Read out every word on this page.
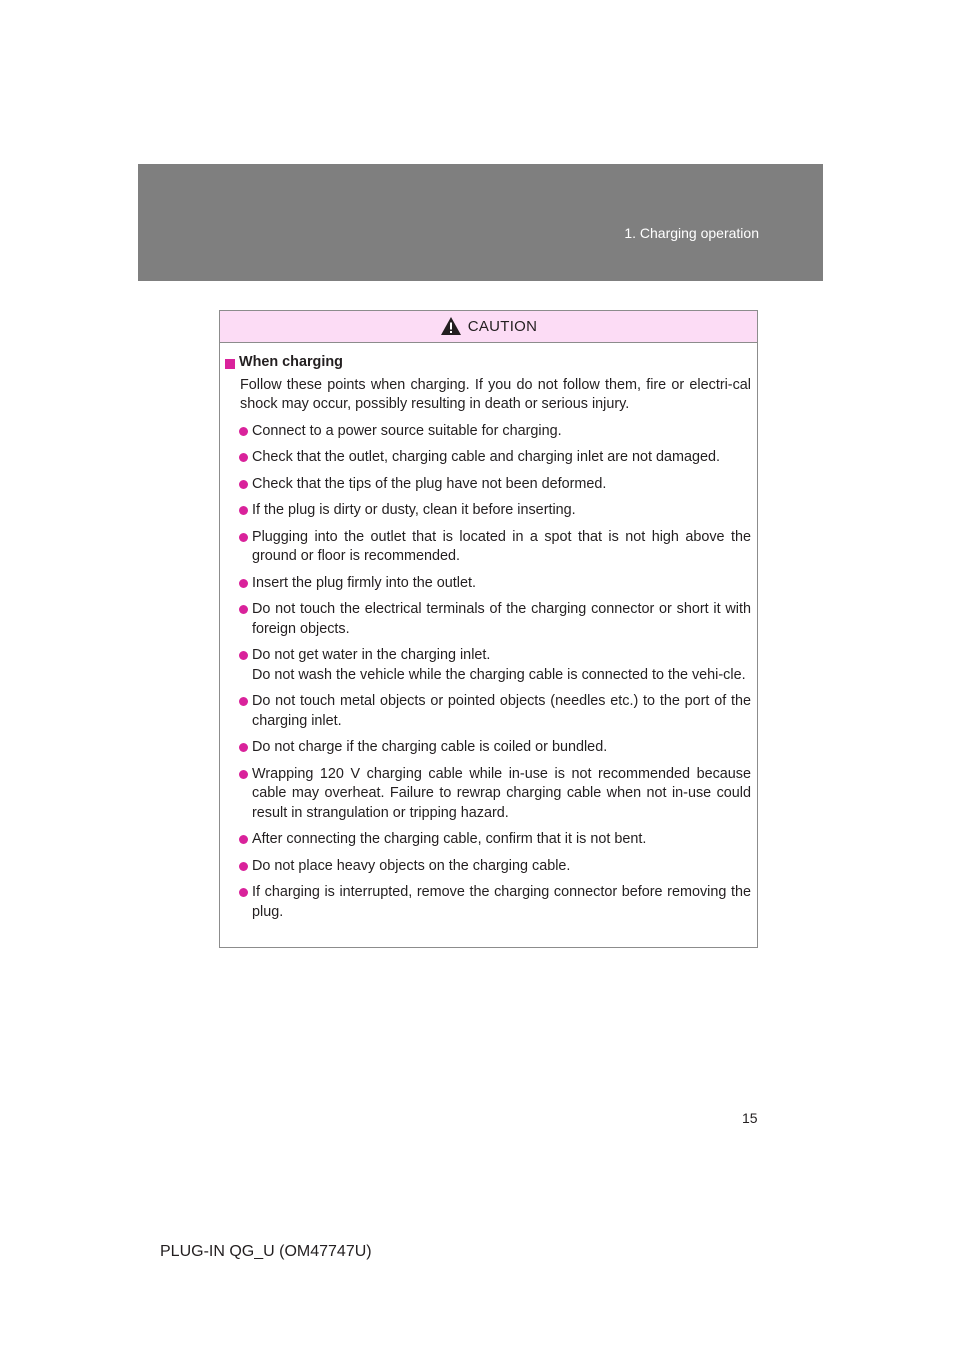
1. Charging operation
CAUTION
When charging
Follow these points when charging. If you do not follow them, fire or electri-cal shock may occur, possibly resulting in death or serious injury.
Connect to a power source suitable for charging.
Check that the outlet, charging cable and charging inlet are not damaged.
Check that the tips of the plug have not been deformed.
If the plug is dirty or dusty, clean it before inserting.
Plugging into the outlet that is located in a spot that is not high above the ground or floor is recommended.
Insert the plug firmly into the outlet.
Do not touch the electrical terminals of the charging connector or short it with foreign objects.
Do not get water in the charging inlet.
Do not wash the vehicle while the charging cable is connected to the vehi-cle.
Do not touch metal objects or pointed objects (needles etc.) to the port of the charging inlet.
Do not charge if the charging cable is coiled or bundled.
Wrapping 120 V charging cable while in-use is not recommended because cable may overheat. Failure to rewrap charging cable when not in-use could result in strangulation or tripping hazard.
After connecting the charging cable, confirm that it is not bent.
Do not place heavy objects on the charging cable.
If charging is interrupted, remove the charging connector before removing the plug.
15
PLUG-IN QG_U (OM47747U)
